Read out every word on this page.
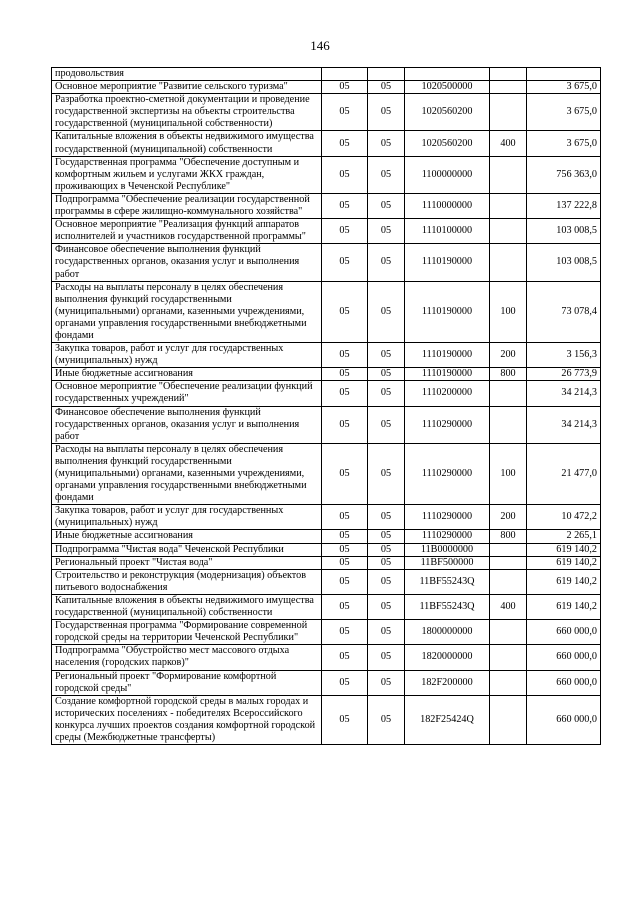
146
продовольствия					
Основное мероприятие "Развитие сельского туризма"	05	05	1020500000		3 675,0
Разработка проектно-сметной документации и проведение государственной экспертизы на объекты строительства государственной (муниципальной собственности)	05	05	1020560200		3 675,0
Капитальные вложения в объекты недвижимого имущества государственной (муниципальной) собственности	05	05	1020560200	400	3 675,0
Государственная программа "Обеспечение доступным и комфортным жильем и услугами ЖКХ граждан, проживающих в Чеченской Республике"	05	05	1100000000		756 363,0
Подпрограмма "Обеспечение реализации государственной программы в сфере жилищно-коммунального хозяйства"	05	05	1110000000		137 222,8
Основное мероприятие "Реализация функций аппаратов исполнителей и участников государственной программы"	05	05	1110100000		103 008,5
Финансовое обеспечение выполнения функций государственных органов, оказания услуг и выполнения работ	05	05	1110190000		103 008,5
Расходы на выплаты персоналу в целях обеспечения выполнения функций государственными (муниципальными) органами, казенными учреждениями, органами управления государственными внебюджетными фондами	05	05	1110190000	100	73 078,4
Закупка товаров, работ и услуг для государственных (муниципальных) нужд	05	05	1110190000	200	3 156,3
Иные бюджетные ассигнования	05	05	1110190000	800	26 773,9
Основное мероприятие "Обеспечение реализации функций государственных учреждений"	05	05	1110200000		34 214,3
Финансовое обеспечение выполнения функций государственных органов, оказания услуг и выполнения работ	05	05	1110290000		34 214,3
Расходы на выплаты персоналу в целях обеспечения выполнения функций государственными (муниципальными) органами, казенными учреждениями, органами управления государственными внебюджетными фондами	05	05	1110290000	100	21 477,0
Закупка товаров, работ и услуг для государственных (муниципальных) нужд	05	05	1110290000	200	10 472,2
Иные бюджетные ассигнования	05	05	1110290000	800	2 265,1
Подпрограмма "Чистая вода" Чеченской Республики	05	05	11B0000000		619 140,2
Региональный проект "Чистая вода"	05	05	11BF500000		619 140,2
Строительство и реконструкция (модернизация) объектов питьевого водоснабжения	05	05	11BF55243Q		619 140,2
Капитальные вложения в объекты недвижимого имущества государственной (муниципальной) собственности	05	05	11BF55243Q	400	619 140,2
Государственная программа "Формирование современной городской среды на территории Чеченской Республики"	05	05	1800000000		660 000,0
Подпрограмма "Обустройство мест массового отдыха населения (городских парков)"	05	05	1820000000		660 000,0
Региональный проект "Формирование комфортной городской среды"	05	05	182F200000		660 000,0
Создание комфортной городской среды в малых городах и исторических поселениях - победителях Всероссийского конкурса лучших проектов создания комфортной городской среды (Межбюджетные трансферты)	05	05	182F25424Q		660 000,0
